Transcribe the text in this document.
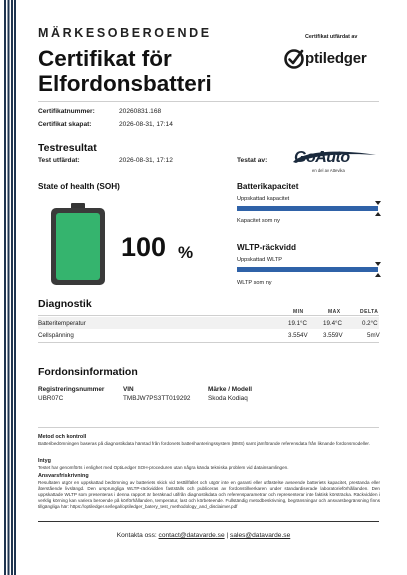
MÄRKESOBEROENDE
Certifikat för
Elfordonsbatteri
Certifikat utfärdat av
ptiledger
Certifikatnummer:	20260831.168
Certifikat skapat:	2026-08-31, 17:14
Testresultat
Test utfärdat:	2026-08-31, 17:12	Testat av: GoAuto
en del av Attevika
State of health (SOH)
100 %
Batterikapacitet
Uppskattad kapacitet
Kapacitet som ny
WLTP-räckvidd
Uppskattad WLTP
WLTP som ny
Diagnostik
MIN	MAX	DELTA
Batteritemperatur	19.1°C	19.4°C	0.2°C
Cellspänning	3.554V 3.559V	5mV
Fordonsinformation
Registreringsnummer
UBR07C
VIN
TMBJW7PS3TT019292
Märke / Modell
Skoda Kodiaq
Metod och kontroll
Batteribedömningen baseras på diagnostikdata hämtad från fordonets batterihanteringssystem (BMS) samt jämförande referensdata från liknande fordonsmodeller.
Intyg
Testet har genomförts i enlighet med OptiLedger SOH-proceduren utan några kända tekniska problem vid datainsamlingen.
Ansvarsfriskrivning
Resultaten utgör en uppskattad bedömning av batteriets skick vid testtillfället och utgör inte en garanti eller utfästelse avseende batteriets kapacitet, prestanda eller återstående livslängd. Den ursprungliga WLTP-räckvidden fastställs och publiceras av fordonstillverkaren under standardiserade laboratorieförhållanden. Den uppskattade WLTP som presenteras i denna rapport är beräknad utifrån diagnostikdata och referensparametrar och representerar inte faktisk körsträcka. Räckvidden i verklig körning kan variera beroende på körförhållanden, temperatur, last och körbeteende. Fullständig metodbeskrivning, begränsningar och ansvarsbegränsning finns tillgängliga här: https://optiledger.se/legal/optiledger_batery_test_methodology_and_disclaimer.pdf
Kontakta oss: contact@datavarde.se | sales@datavarde.se
